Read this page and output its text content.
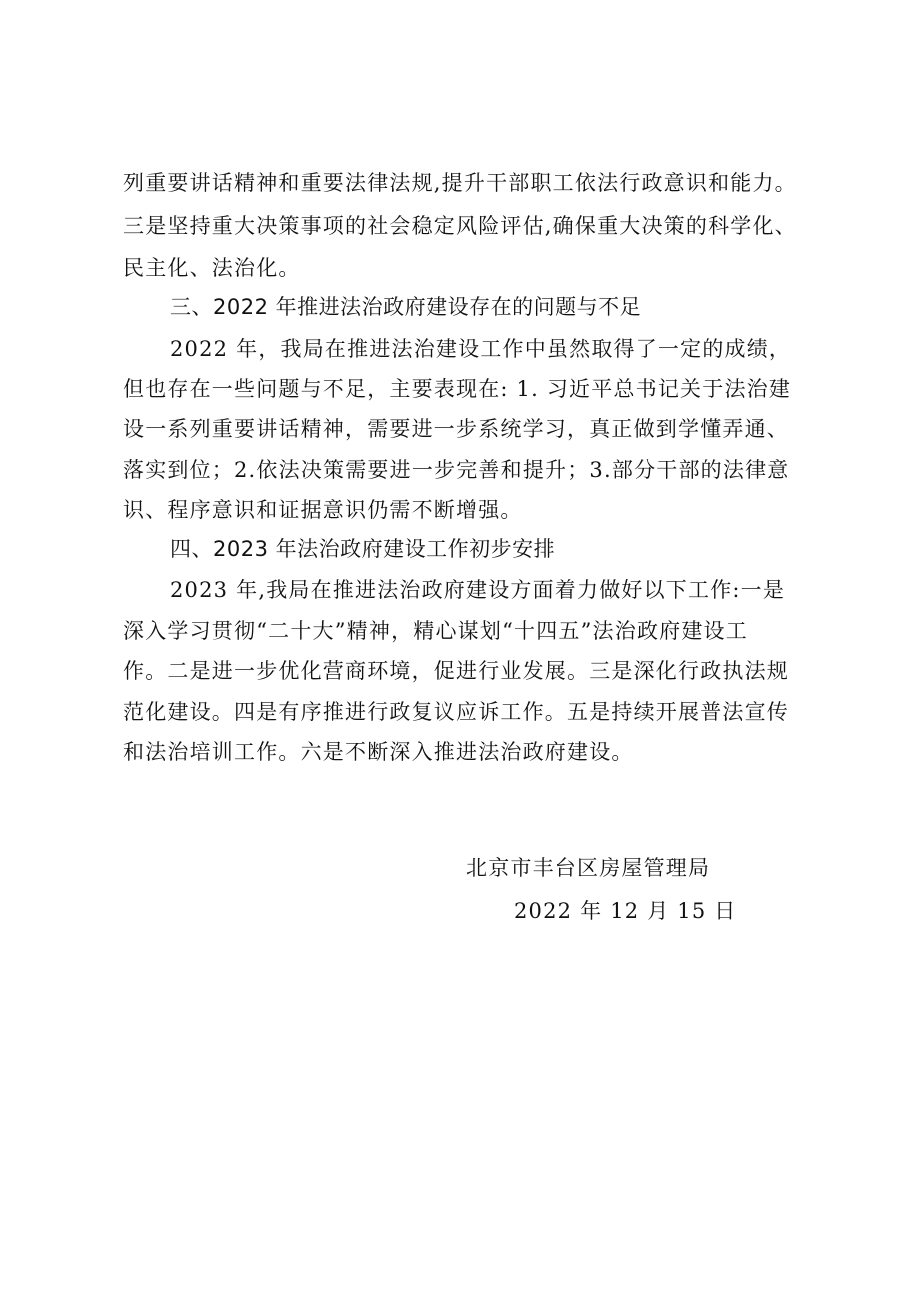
列重要讲话精神和重要法律法规,提升干部职工依法行政意识和能力。
三是坚持重大决策事项的社会稳定风险评估,确保重大决策的科学化、
民主化、法治化。
三、2022 年推进法治政府建设存在的问题与不足
2022 年，我局在推进法治建设工作中虽然取得了一定的成绩，
但也存在一些问题与不足，主要表现在: 1. 习近平总书记关于法治建
设一系列重要讲话精神，需要进一步系统学习，真正做到学懂弄通、
落实到位；2.依法决策需要进一步完善和提升；3.部分干部的法律意
识、程序意识和证据意识仍需不断增强。
四、2023 年法治政府建设工作初步安排
2023 年,我局在推进法治政府建设方面着力做好以下工作:一是
深入学习贯彻“二十大”精神，精心谋划“十四五”法治政府建设工
作。二是进一步优化营商环境，促进行业发展。三是深化行政执法规
范化建设。四是有序推进行政复议应诉工作。五是持续开展普法宣传
和法治培训工作。六是不断深入推进法治政府建设。
北京市丰台区房屋管理局
2022 年 12 月 15 日
